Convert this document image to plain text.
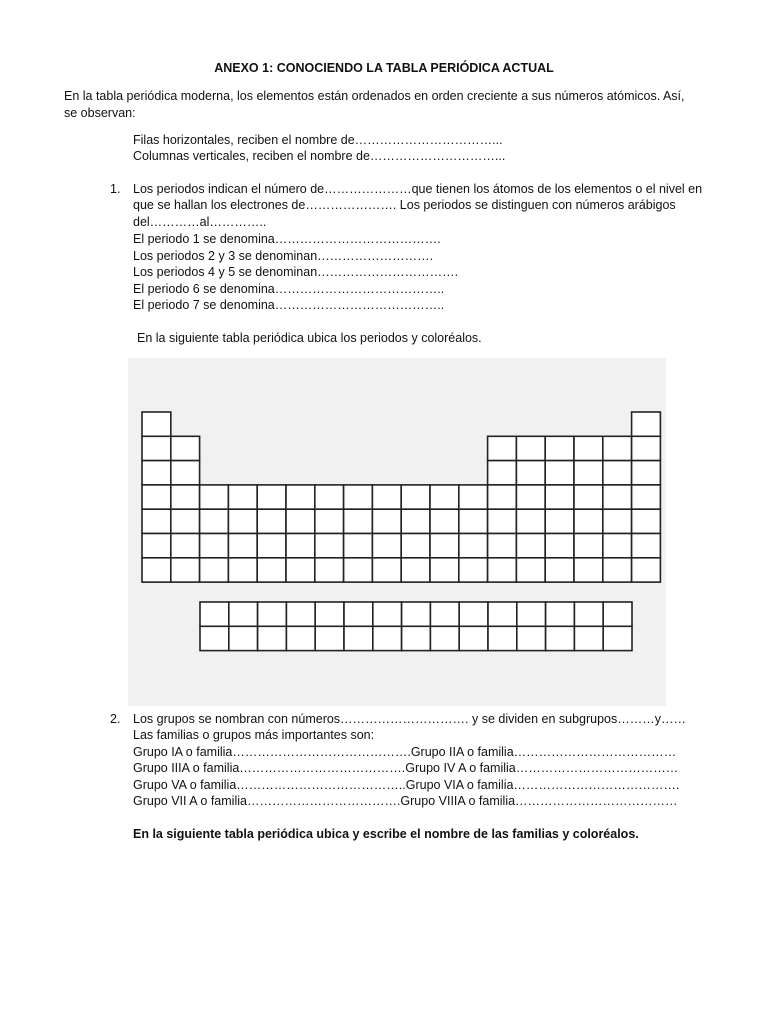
ANEXO 1: CONOCIENDO LA TABLA PERIÓDICA ACTUAL
En la tabla periódica moderna, los elementos están ordenados en orden creciente a sus números atómicos. Así,
se observan:
Filas horizontales, reciben el nombre de……………………………...
Columnas verticales, reciben el nombre de…………………………...
1. Los periodos indican el número de…………………que tienen los átomos de los elementos o el nivel en
que se hallan los electrones de…………………. Los periodos se distinguen con números arábigos
del…………al…………..
El periodo 1 se denomina………………………………….
Los periodos 2 y 3 se denominan……………………….
Los periodos 4 y 5 se denominan…………………………….
El periodo 6 se denomina…………………………………..
El periodo 7 se denomina…………………………………..
En la siguiente tabla periódica ubica los periodos y coloréalos.
2. Los grupos se nombran con números…………………………. y se dividen en subgrupos………y……
Las familias o grupos más importantes son:
Grupo IA o familia…………………………………….Grupo IIA o familia…………………………………
Grupo IIIA o familia………………………………….Grupo IV A o familia…………………………………
Grupo VA o familia…………………………………..Grupo VIA o familia………………………………….
Grupo VII A o familia……………………………….Grupo VIIIA o familia…………………………………
En la siguiente tabla periódica ubica y escribe el nombre de las familias y coloréalos.
